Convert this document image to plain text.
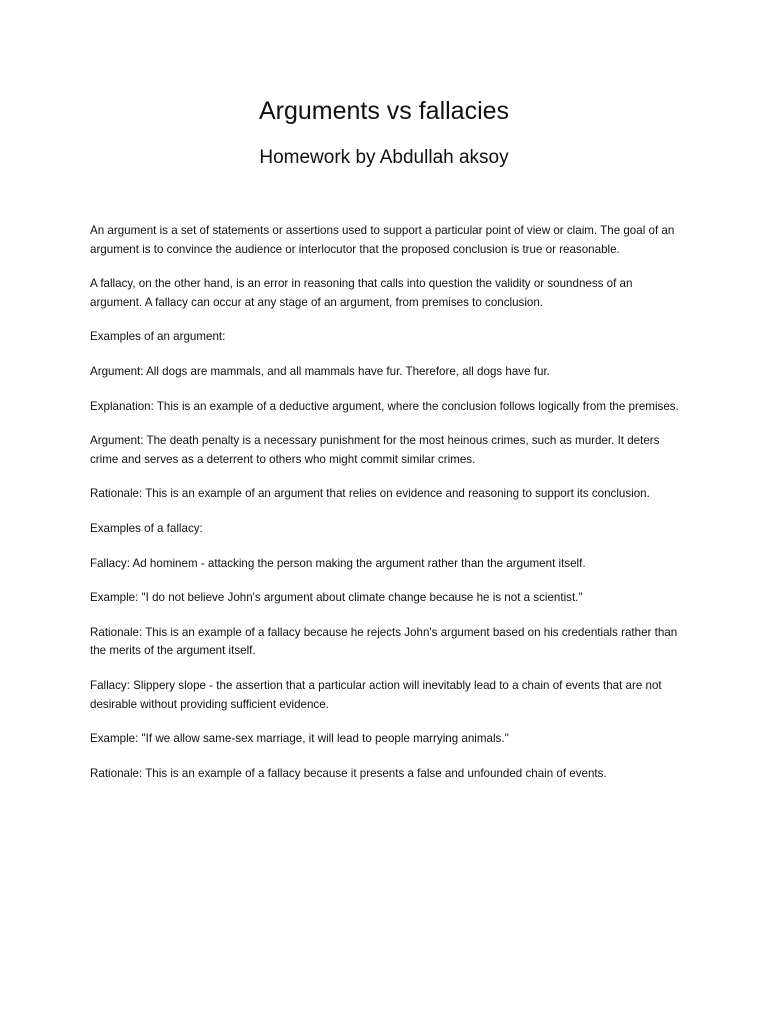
Arguments vs fallacies
Homework by Abdullah aksoy

An argument is a set of statements or assertions used to support a particular point of view or claim. The goal of an argument is to convince the audience or interlocutor that the proposed conclusion is true or reasonable.

A fallacy, on the other hand, is an error in reasoning that calls into question the validity or soundness of an argument. A fallacy can occur at any stage of an argument, from premises to conclusion.

Examples of an argument:

Argument: All dogs are mammals, and all mammals have fur. Therefore, all dogs have fur.

Explanation: This is an example of a deductive argument, where the conclusion follows logically from the premises.

Argument: The death penalty is a necessary punishment for the most heinous crimes, such as murder. It deters crime and serves as a deterrent to others who might commit similar crimes.

Rationale: This is an example of an argument that relies on evidence and reasoning to support its conclusion.

Examples of a fallacy:

Fallacy: Ad hominem - attacking the person making the argument rather than the argument itself.

Example: "I do not believe John's argument about climate change because he is not a scientist."

Rationale: This is an example of a fallacy because he rejects John's argument based on his credentials rather than the merits of the argument itself.

Fallacy: Slippery slope - the assertion that a particular action will inevitably lead to a chain of events that are not desirable without providing sufficient evidence.

Example: "If we allow same-sex marriage, it will lead to people marrying animals."

Rationale: This is an example of a fallacy because it presents a false and unfounded chain of events.
